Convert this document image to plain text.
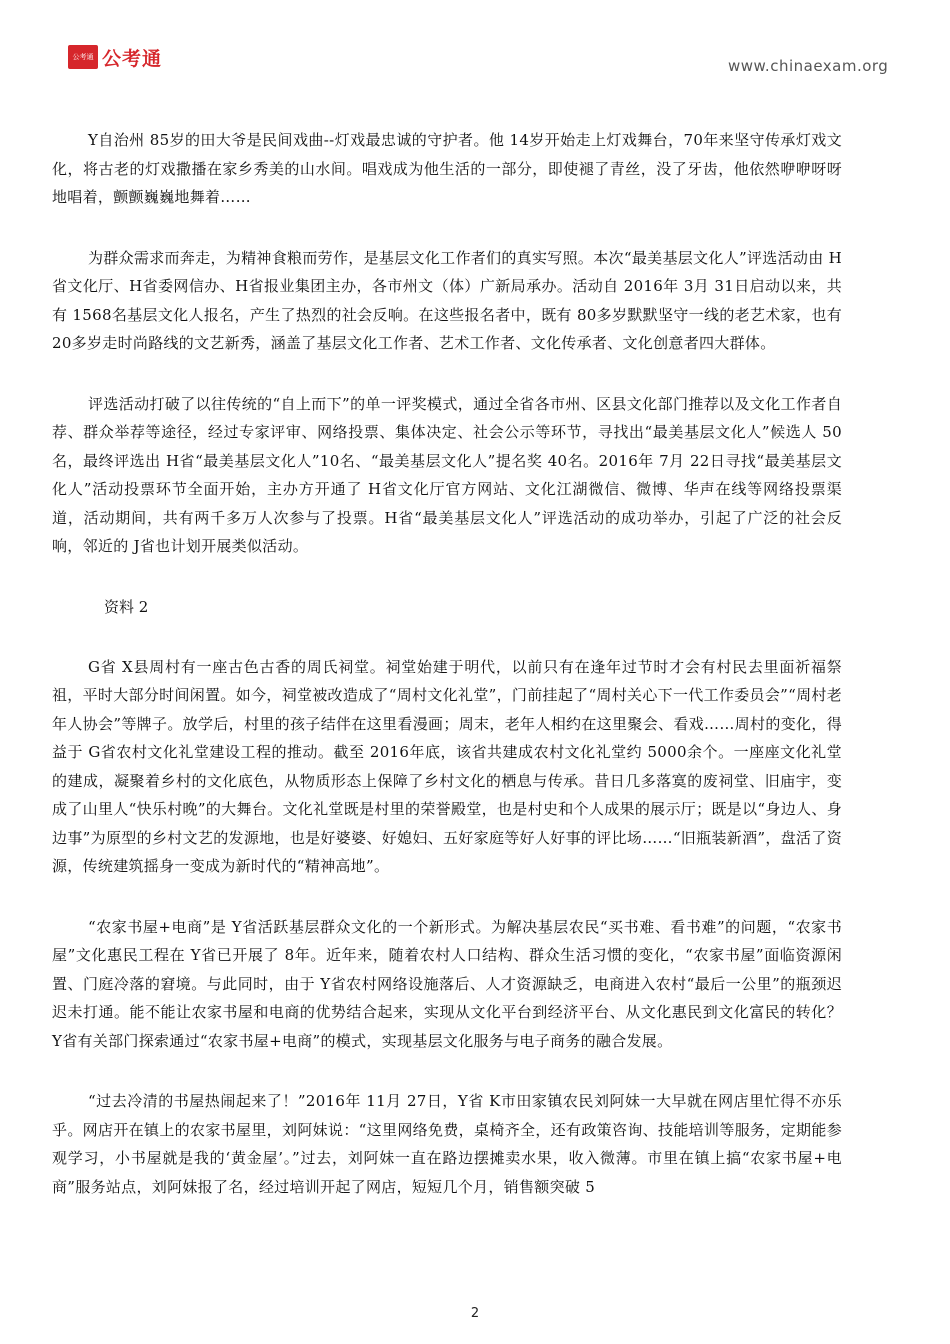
公考通 公考通	www.chinaexam.org

Y自治州 85岁的田大爷是民间戏曲--灯戏最忠诚的守护者。他 14岁开始走上灯戏舞台，70年来坚守传承灯戏文化，将古老的灯戏撒播在家乡秀美的山水间。唱戏成为他生活的一部分，即使褪了青丝，没了牙齿，他依然咿咿呀呀地唱着，颤颤巍巍地舞着……

为群众需求而奔走，为精神食粮而劳作，是基层文化工作者们的真实写照。本次“最美基层文化人”评选活动由 H省文化厅、H省委网信办、H省报业集团主办，各市州文（体）广新局承办。活动自 2016年 3月 31日启动以来，共有 1568名基层文化人报名，产生了热烈的社会反响。在这些报名者中，既有 80多岁默默坚守一线的老艺术家，也有 20多岁走时尚路线的文艺新秀，涵盖了基层文化工作者、艺术工作者、文化传承者、文化创意者四大群体。

评选活动打破了以往传统的“自上而下”的单一评奖模式，通过全省各市州、区县文化部门推荐以及文化工作者自荐、群众举荐等途径，经过专家评审、网络投票、集体决定、社会公示等环节，寻找出“最美基层文化人”候选人 50名，最终评选出 H省“最美基层文化人”10名、“最美基层文化人”提名奖 40名。2016年 7月 22日寻找“最美基层文化人”活动投票环节全面开始，主办方开通了 H省文化厅官方网站、文化江湖微信、微博、华声在线等网络投票渠道，活动期间，共有两千多万人次参与了投票。H省“最美基层文化人”评选活动的成功举办，引起了广泛的社会反响，邻近的 J省也计划开展类似活动。

资料 2

G省 X县周村有一座古色古香的周氏祠堂。祠堂始建于明代，以前只有在逢年过节时才会有村民去里面祈福祭祖，平时大部分时间闲置。如今，祠堂被改造成了“周村文化礼堂”，门前挂起了“周村关心下一代工作委员会”“周村老年人协会”等牌子。放学后，村里的孩子结伴在这里看漫画；周末，老年人相约在这里聚会、看戏……周村的变化，得益于 G省农村文化礼堂建设工程的推动。截至 2016年底，该省共建成农村文化礼堂约 5000余个。一座座文化礼堂的建成，凝聚着乡村的文化底色，从物质形态上保障了乡村文化的栖息与传承。昔日几多落寞的废祠堂、旧庙宇，变成了山里人“快乐村晚”的大舞台。文化礼堂既是村里的荣誉殿堂，也是村史和个人成果的展示厅；既是以“身边人、身边事”为原型的乡村文艺的发源地，也是好婆婆、好媳妇、五好家庭等好人好事的评比场……“旧瓶装新酒”，盘活了资源，传统建筑摇身一变成为新时代的“精神高地”。

“农家书屋+电商”是 Y省活跃基层群众文化的一个新形式。为解决基层农民“买书难、看书难”的问题，“农家书屋”文化惠民工程在 Y省已开展了 8年。近年来，随着农村人口结构、群众生活习惯的变化，“农家书屋”面临资源闲置、门庭冷落的窘境。与此同时，由于 Y省农村网络设施落后、人才资源缺乏，电商进入农村“最后一公里”的瓶颈迟迟未打通。能不能让农家书屋和电商的优势结合起来，实现从文化平台到经济平台、从文化惠民到文化富民的转化？Y省有关部门探索通过“农家书屋+电商”的模式，实现基层文化服务与电子商务的融合发展。

“过去冷清的书屋热闹起来了！”2016年 11月 27日，Y省 K市田家镇农民刘阿妹一大早就在网店里忙得不亦乐乎。网店开在镇上的农家书屋里，刘阿妹说：“这里网络免费，桌椅齐全，还有政策咨询、技能培训等服务，定期能参观学习，小书屋就是我的‘黄金屋’。”过去，刘阿妹一直在路边摆摊卖水果，收入微薄。市里在镇上搞“农家书屋+电商”服务站点，刘阿妹报了名，经过培训开起了网店，短短几个月，销售额突破 5

2
